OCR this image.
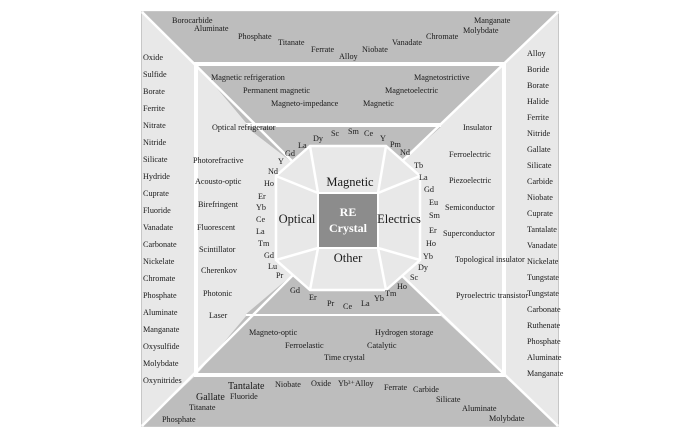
RE
Crystal
Magnetic
Optical	Electrics
Other
Borocarbide
Aluminate
Phosphate
Titanate
Ferrate
Alloy
Niobate
Vanadate
Chromate
Manganate
Molybdate
Oxide
Sulfide
Borate
Ferrite
Nitrate
Nitride
Silicate
Hydride
Cuprate
Fluoride
Vanadate
Carbonate
Nickelate
Chromate
Phosphate
Aluminate
Manganate
Oxysulfide
Molybdate
Oxynitrides
Alloy
Boride
Borate
Halide
Ferrite
Nitride
Gallate
Silicate
Carbide
Niobate
Cuprate
Tantalate
Vanadate
Nickelate
Tungstate
Tungstate
Carbonate
Ruthenate
Phosphate
Aluminate
Manganate
Gallate
Tantalate Niobate Oxide Yb³⁺ Alloy Ferrate Carbide
Fluoride
Titanate
Phosphate
Silicate
Aluminate
Molybdate
Magnetic refrigeration	Magnetostrictive
Permanent magnetic	Magnetoelectric
Magneto-impedance	Magnetic
Optical refrigerator
Photorefractive
Acousto-optic
Birefringent
Fluorescent
Scintillator
Cherenkov
Photonic
Laser
Insulator
Ferroelectric
Piezoelectric
Semiconductor
Superconductor
Topological insulator
Pyroelectric transistor
Magneto-optic	Hydrogen storage
Ferroelastic	Catalytic
Time crystal
Gd
La
Dy
Sc Sm Ce
Y
Pm
Nd
Y
Nd
Ho
Er
Yb
Ce
La
Tm
Gd
Lu
Pr
Tb
La
Gd
Eu
Sm
Er
Ho
Yb
Dy
Sc
Gd
Er
Pr Ce La
Yb
Tm
Ho
